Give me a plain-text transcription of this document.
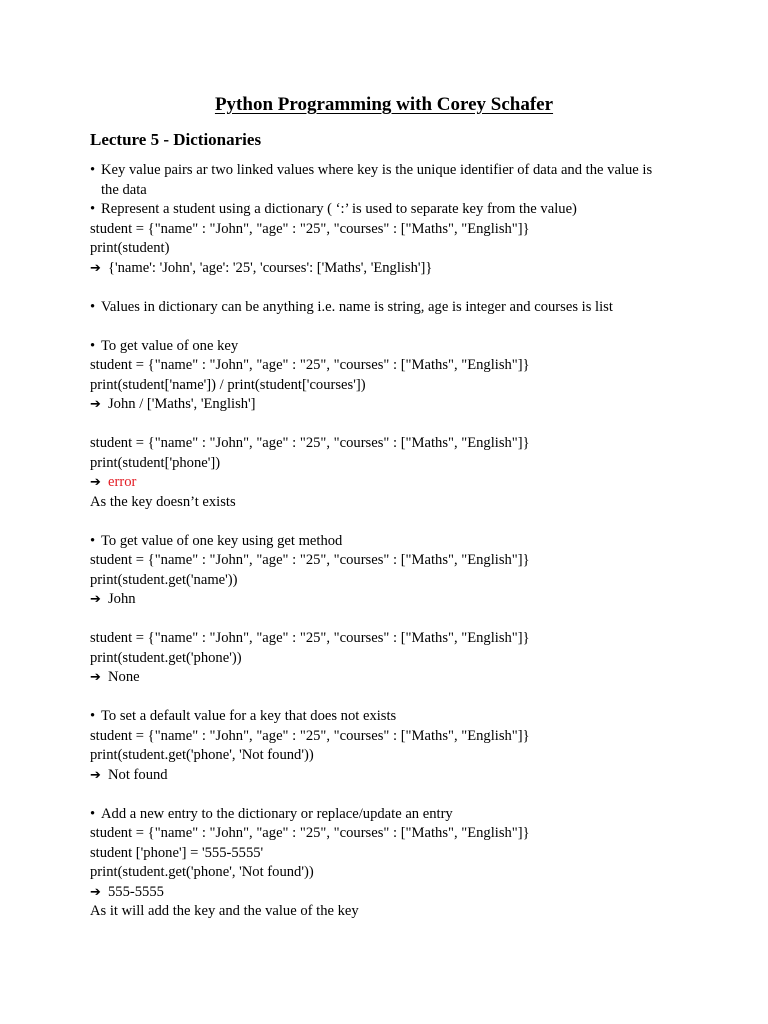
Python Programming with Corey Schafer
Lecture 5 - Dictionaries
• Key value pairs ar two linked values where key is the unique identifier of data and the value is
the data
• Represent a student using a dictionary ( ‘:’ is used to separate key from the value)
student = {"name" : "John", "age" : "25", "courses" : ["Maths", "English"]}
print(student)
➔ {'name': 'John', 'age': '25', 'courses': ['Maths', 'English']}
• Values in dictionary can be anything i.e. name is string, age is integer and courses is list
• To get value of one key
student = {"name" : "John", "age" : "25", "courses" : ["Maths", "English"]}
print(student['name']) / print(student['courses'])
➔ John / ['Maths', 'English']
student = {"name" : "John", "age" : "25", "courses" : ["Maths", "English"]}
print(student['phone'])
➔ error
As the key doesn’t exists
• To get value of one key using get method
student = {"name" : "John", "age" : "25", "courses" : ["Maths", "English"]}
print(student.get('name'))
➔ John
student = {"name" : "John", "age" : "25", "courses" : ["Maths", "English"]}
print(student.get('phone'))
➔ None
• To set a default value for a key that does not exists
student = {"name" : "John", "age" : "25", "courses" : ["Maths", "English"]}
print(student.get('phone', 'Not found'))
➔ Not found
• Add a new entry to the dictionary or replace/update an entry
student = {"name" : "John", "age" : "25", "courses" : ["Maths", "English"]}
student ['phone'] = '555-5555'
print(student.get('phone', 'Not found'))
➔ 555-5555
As it will add the key and the value of the key
